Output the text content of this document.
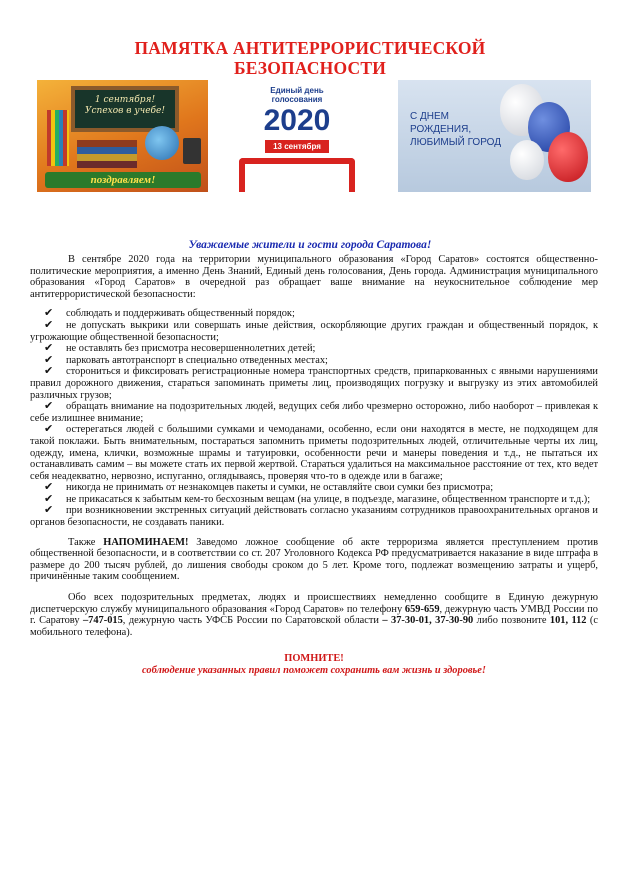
ПАМЯТКА АНТИТЕРРОРИСТИЧЕСКОЙ
БЕЗОПАСНОСТИ
1 сентября!
Успехов в учебе!
поздравляем!
Единый день
голосования
2020
13 сентября
С ДНЕМ
РОЖДЕНИЯ,
ЛЮБИМЫЙ ГОРОД
Уважаемые жители и гости города Саратова!

В сентябре 2020 года на территории муниципального образования «Город Саратов» состоятся общественно-политические мероприятия, а именно День Знаний, Единый день голосования, День города. Администрация муниципального образования «Город Саратов» в очередной раз обращает ваше внимание на неукоснительное соблюдение мер антитеррористической безопасности:

✔ соблюдать и поддерживать общественный порядок;
✔ не допускать выкрики или совершать иные действия, оскорбляющие других граждан и общественный порядок, к угрожающие общественной безопасности;
✔ не оставлять без присмотра несовершеннолетних детей;
✔ парковать автотранспорт в специально отведенных местах;
✔ сторониться и фиксировать регистрационные номера транспортных средств, припаркованных с явными нарушениями правил дорожного движения, стараться запоминать приметы лиц, производящих погрузку и выгрузку из этих автомобилей различных грузов;
✔ обращать внимание на подозрительных людей, ведущих себя либо чрезмерно осторожно, либо наоборот – привлекая к себе излишнее внимание;
✔ остерегаться людей с большими сумками и чемоданами, особенно, если они находятся в месте, не подходящем для такой поклажи. Быть внимательным, постараться запомнить приметы подозрительных людей, отличительные черты их лиц, одежду, имена, клички, возможные шрамы и татуировки, особенности речи и манеры поведения и т.д., не пытаться их останавливать самим – вы можете стать их первой жертвой. Стараться удалиться на максимальное расстояние от тех, кто ведет себя неадекватно, нервозно, испуганно, оглядываясь, проверяя что-то в одежде или в багаже;
✔ никогда не принимать от незнакомцев пакеты и сумки, не оставляйте свои сумки без присмотра;
✔ не прикасаться к забытым кем-то бесхозным вещам (на улице, в подъезде, магазине, общественном транспорте и т.д.);
✔ при возникновении экстренных ситуаций действовать согласно указаниям сотрудников правоохранительных органов и органов безопасности, не создавать паники.

Также НАПОМИНАЕМ! Заведомо ложное сообщение об акте терроризма является преступлением против общественной безопасности, и в соответствии со ст. 207 Уголовного Кодекса РФ предусматривается наказание в виде штрафа в размере до 200 тысяч рублей, до лишения свободы сроком до 5 лет. Кроме того, подлежат возмещению затраты и ущерб, причинённые таким сообщением.

Обо всех подозрительных предметах, людях и происшествиях немедленно сообщите в Единую дежурную диспетчерскую службу муниципального образования «Город Саратов» по телефону 659-659, дежурную часть УМВД России по г. Саратову –747-015, дежурную часть УФСБ России по Саратовской области – 37-30-01, 37-30-90 либо позвоните 101, 112 (с мобильного телефона).

ПОМНИТЕ!
соблюдение указанных правил поможет сохранить вам жизнь и здоровье!
